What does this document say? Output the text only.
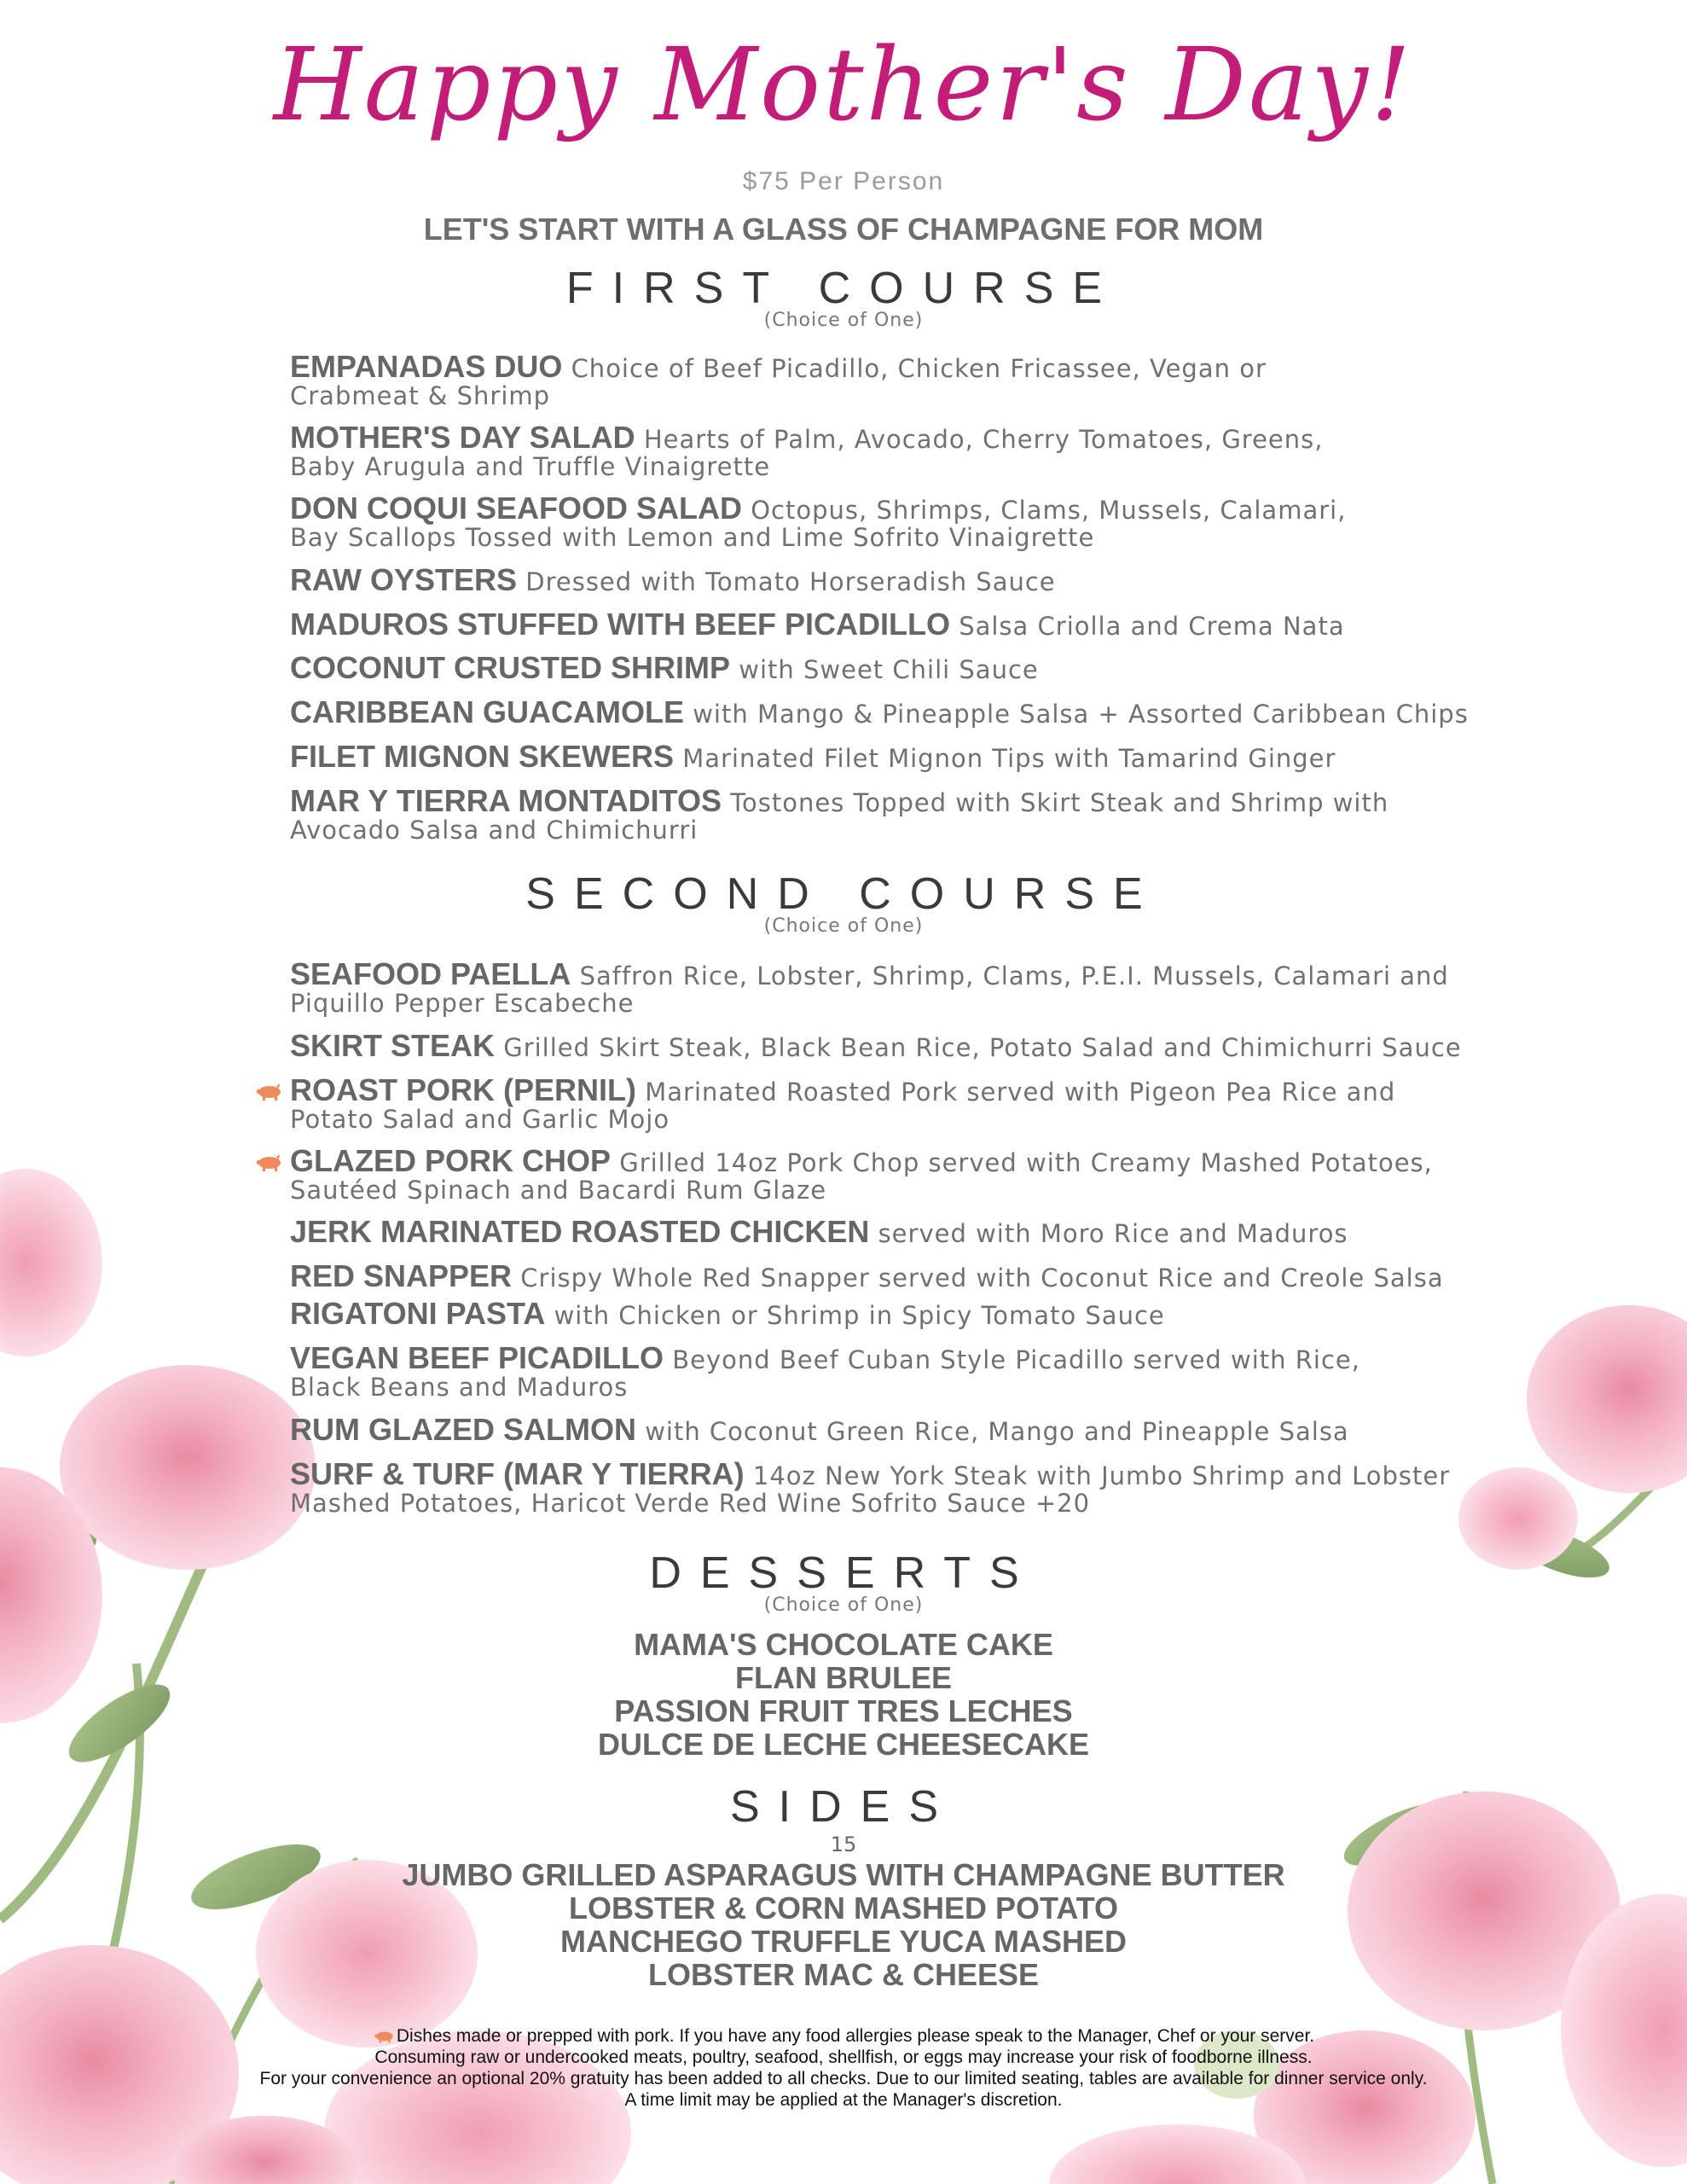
Happy Mother's Day!
$75 Per Person
LET'S START WITH A GLASS OF CHAMPAGNE FOR MOM
FIRST COURSE
(Choice of One)
EMPANADAS DUO Choice of Beef Picadillo, Chicken Fricassee, Vegan or
Crabmeat & Shrimp
MOTHER'S DAY SALAD Hearts of Palm, Avocado, Cherry Tomatoes, Greens,
Baby Arugula and Truffle Vinaigrette
DON COQUI SEAFOOD SALAD Octopus, Shrimps, Clams, Mussels, Calamari,
Bay Scallops Tossed with Lemon and Lime Sofrito Vinaigrette
RAW OYSTERS Dressed with Tomato Horseradish Sauce
MADUROS STUFFED WITH BEEF PICADILLO Salsa Criolla and Crema Nata
COCONUT CRUSTED SHRIMP with Sweet Chili Sauce
CARIBBEAN GUACAMOLE with Mango & Pineapple Salsa + Assorted Caribbean Chips
FILET MIGNON SKEWERS Marinated Filet Mignon Tips with Tamarind Ginger
MAR Y TIERRA MONTADITOS Tostones Topped with Skirt Steak and Shrimp with
Avocado Salsa and Chimichurri
SECOND COURSE
(Choice of One)
SEAFOOD PAELLA Saffron Rice, Lobster, Shrimp, Clams, P.E.I. Mussels, Calamari and
Piquillo Pepper Escabeche
SKIRT STEAK Grilled Skirt Steak, Black Bean Rice, Potato Salad and Chimichurri Sauce
ROAST PORK (PERNIL) Marinated Roasted Pork served with Pigeon Pea Rice and
Potato Salad and Garlic Mojo
GLAZED PORK CHOP Grilled 14oz Pork Chop served with Creamy Mashed Potatoes,
Sautéed Spinach and Bacardi Rum Glaze
JERK MARINATED ROASTED CHICKEN served with Moro Rice and Maduros
RED SNAPPER Crispy Whole Red Snapper served with Coconut Rice and Creole Salsa
RIGATONI PASTA with Chicken or Shrimp in Spicy Tomato Sauce
VEGAN BEEF PICADILLO Beyond Beef Cuban Style Picadillo served with Rice,
Black Beans and Maduros
RUM GLAZED SALMON with Coconut Green Rice, Mango and Pineapple Salsa
SURF & TURF (MAR Y TIERRA) 14oz New York Steak with Jumbo Shrimp and Lobster
Mashed Potatoes, Haricot Verde Red Wine Sofrito Sauce +20
DESSERTS
(Choice of One)
MAMA'S CHOCOLATE CAKE
FLAN BRULEE
PASSION FRUIT TRES LECHES
DULCE DE LECHE CHEESECAKE
SIDES
15
JUMBO GRILLED ASPARAGUS WITH CHAMPAGNE BUTTER
LOBSTER & CORN MASHED POTATO
MANCHEGO TRUFFLE YUCA MASHED
LOBSTER MAC & CHEESE
Dishes made or prepped with pork. If you have any food allergies please speak to the Manager, Chef or your server.
Consuming raw or undercooked meats, poultry, seafood, shellfish, or eggs may increase your risk of foodborne illness.
For your convenience an optional 20% gratuity has been added to all checks. Due to our limited seating, tables are available for dinner service only.
A time limit may be applied at the Manager's discretion.
